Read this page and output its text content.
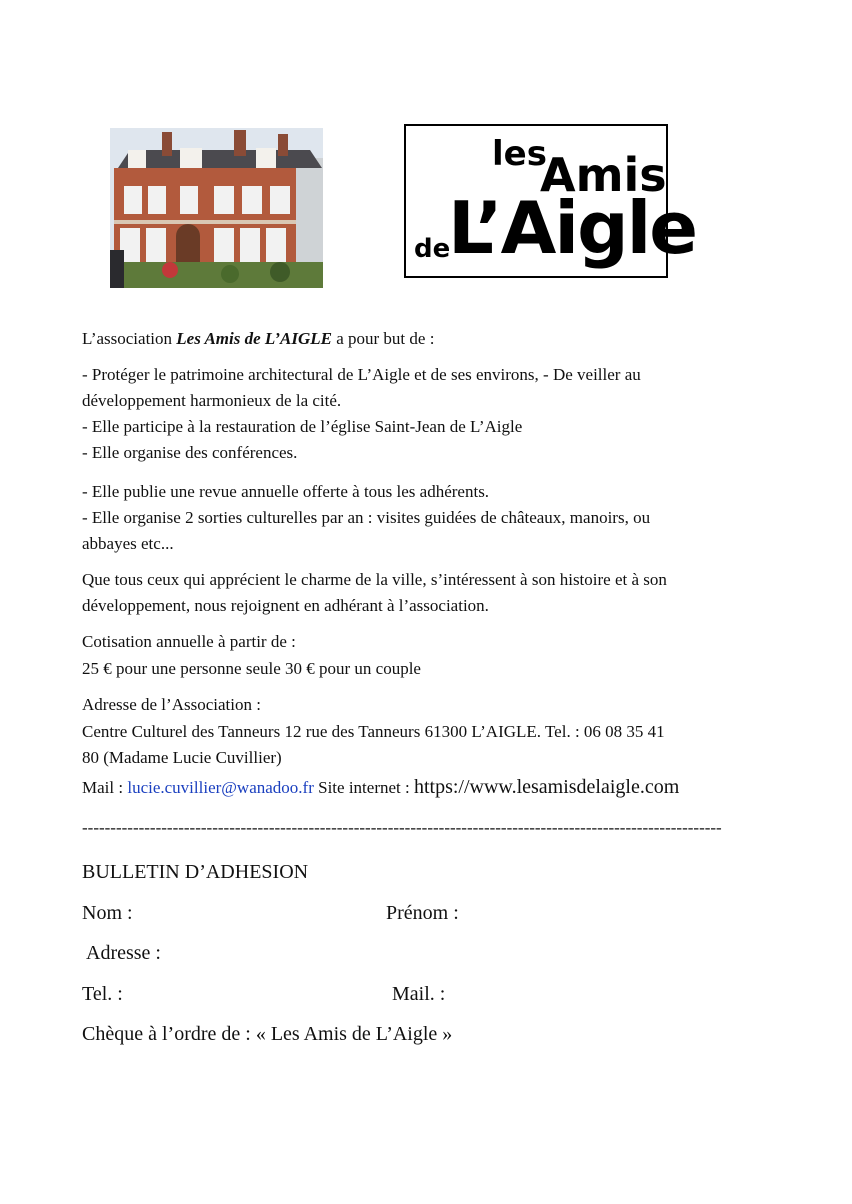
les
Amis
L’Aigle
de
L’association Les Amis de L’AIGLE a pour but de :
- Protéger le patrimoine architectural de L’Aigle et de ses environs, - De veiller au
développement harmonieux de la cité.
- Elle participe à la restauration de l’église Saint-Jean de L’Aigle
- Elle organise des conférences.
- Elle publie une revue annuelle offerte à tous les adhérents.
- Elle organise 2 sorties culturelles par an : visites guidées de châteaux, manoirs, ou
abbayes etc...
Que tous ceux qui apprécient le charme de la ville, s’intéressent à son histoire et à son
développement, nous rejoignent en adhérant à l’association.
Cotisation annuelle à partir de :
25 € pour une personne seule 30 € pour un couple
Adresse de l’Association :
Centre Culturel des Tanneurs 12 rue des Tanneurs 61300 L’AIGLE. Tel. : 06 08 35 41
80 (Madame Lucie Cuvillier)
Mail : lucie.cuvillier@wanadoo.fr Site internet : https://www.lesamisdelaigle.com
-----------------------------------------------------------------------------------------------------------------
BULLETIN D’ADHESION
Nom :	Prénom :
Adresse :
Tel. :	Mail. :
Chèque à l’ordre de : « Les Amis de L’Aigle »
